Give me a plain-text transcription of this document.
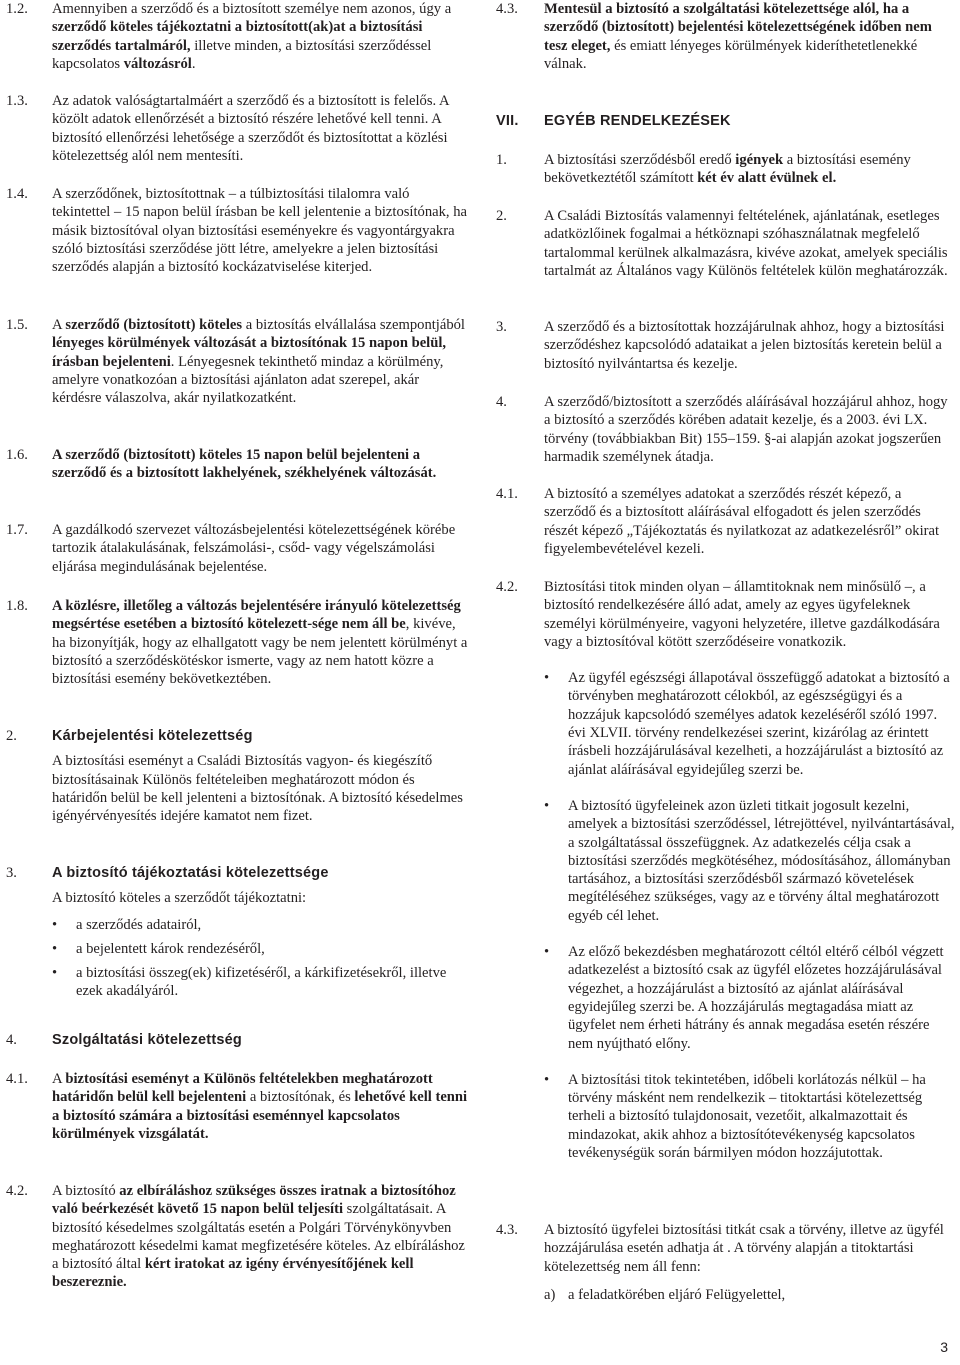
1.2. Amennyiben a szerződő és a biztosított személye nem azonos, úgy a szerződő köteles tájékoztatni a biztosított(ak)at a biztosítási szerződés tartalmáról, illetve minden, a biztosítási szerződéssel kapcsolatos változásról.

1.3. Az adatok valóságtartalmáért a szerződő és a biztosított is felelős. A közölt adatok ellenőrzését a biztosító részére lehetővé kell tenni. A biztosító ellenőrzési lehetősége a szerződőt és biztosítottat a közlési kötelezettség alól nem mentesíti.

1.4. A szerződőnek, biztosítottnak – a túlbiztosítási tilalomra való tekintettel – 15 napon belül írásban be kell jelentenie a biztosítónak, ha másik biztosítóval olyan biztosítási eseményekre és vagyontárgyakra szóló biztosítási szerződése jött létre, amelyekre a jelen biztosítási szerződés alapján a biztosító kockázatviselése kiterjed.

1.5. A szerződő (biztosított) köteles a biztosítás elvállalása szempontjából lényeges körülmények változását a biztosítónak 15 napon belül, írásban bejelenteni. Lényegesnek tekinthető mindaz a körülmény, amelyre vonatkozóan a biztosítási ajánlaton adat szerepel, akár kérdésre válaszolva, akár nyilatkozatként.

1.6. A szerződő (biztosított) köteles 15 napon belül bejelenteni a szerződő és a biztosított lakhelyének, székhelyének változását.

1.7. A gazdálkodó szervezet változásbejelentési kötelezettségének körébe tartozik átalakulásának, felszámolási-, csőd- vagy végelszámolási eljárása megindulásának bejelentése.

1.8. A közlésre, illetőleg a változás bejelentésére irányuló kötelezettség megsértése esetében a biztosító kötelezett-sége nem áll be, kivéve, ha bizonyítják, hogy az elhallgatott vagy be nem jelentett körülményt a biztosító a szerződéskötéskor ismerte, vagy az nem hatott közre a biztosítási esemény bekövetkeztében.

2. Kárbejelentési kötelezettség

A biztosítási eseményt a Családi Biztosítás vagyon- és kiegészítő biztosításainak Különös feltételeiben meghatározott módon és határidőn belül be kell jelenteni a biztosítónak. A biztosító késedelmes igényérvényesítés idejére kamatot nem fizet.

3. A biztosító tájékoztatási kötelezettsége

A biztosító köteles a szerződőt tájékoztatni:

• a szerződés adatairól,
• a bejelentett károk rendezéséről,
• a biztosítási összeg(ek) kifizetéséről, a kárkifizetésekről, illetve ezek akadályáról.
4. Szolgáltatási kötelezettség

4.1. A biztosítási eseményt a Különös feltételekben meghatározott határidőn belül kell bejelenteni a biztosítónak, és lehetővé kell tenni a biztosító számára a biztosítási eseménnyel kapcsolatos körülmények vizsgálatát.

4.2. A biztosító az elbíráláshoz szükséges összes iratnak a biztosítóhoz való beérkezését követő 15 napon belül teljesíti szolgáltatásait. A biztosító késedelmes szolgáltatás esetén a Polgári Törvénykönyvben meghatározott késedelmi kamat megfizetésére köteles. Az elbíráláshoz a biztosító által kért iratokat az igény érvényesítőjének kell beszereznie.

4.3. Mentesül a biztosító a szolgáltatási kötelezettsége alól, ha a szerződő (biztosított) bejelentési kötelezettségének időben nem tesz eleget, és emiatt lényeges körülmények kideríthetetlenekké válnak.

VII. EGYÉB RENDELKEZÉSEK

1.	A biztosítási szerződésből eredő igények a biztosítási esemény bekövetkeztétől számított két év alatt évülnek el.

2.	A Családi Biztosítás valamennyi feltételének, ajánlatának, esetleges adatközlőinek fogalmai a hétköznapi szóhasználatnak megfelelő tartalommal kerülnek alkalmazásra, kivéve azokat, amelyek speciális tartalmát az Általános vagy Különös feltételek külön meghatározzák.

3.	A szerződő és a biztosítottak hozzájárulnak ahhoz, hogy a biztosítási szerződéshez kapcsolódó adataikat a jelen biztosítás keretein belül a biztosító nyilvántartsa és kezelje.

4.	A szerződő/biztosított a szerződés aláírásával hozzájárul ahhoz, hogy a biztosító a szerződés körében adatait kezelje, és a 2003. évi LX. törvény (továbbiakban Bit) 155–159. §-ai alapján azokat jogszerűen harmadik személynek átadja.

4.1. A biztosító a személyes adatokat a szerződés részét képező, a szerződő és a biztosított aláírásával elfogadott és jelen szerződés részét képező „Tájékoztatás és nyilatkozat az adatkezelésről” okirat figyelembevételével kezeli.

4.2. Biztosítási titok minden olyan – államtitoknak nem minősülő –, a biztosító rendelkezésére álló adat, amely az egyes ügyfeleknek személyi körülményeire, vagyoni helyzetére, illetve gazdálkodására vagy a biztosítóval kötött szerződéseire vonatkozik.

• Az ügyfél egészségi állapotával összefüggő adatokat a biztosító a törvényben meghatározott célokból, az egészségügyi és a hozzájuk kapcsolódó személyes adatok kezeléséről szóló 1997. évi XLVII. törvény rendelkezései szerint, kizárólag az érintett írásbeli hozzájárulásával kezelheti, a hozzájárulást a biztosító az ajánlat aláírásával egyidejűleg szerzi be.
• A biztosító ügyfeleinek azon üzleti titkait jogosult kezelni, amelyek a biztosítási szerződéssel, létrejöttével, nyilvántartásával, a szolgáltatással összefüggnek. Az adatkezelés célja csak a biztosítási szerződés megkötéséhez, módosításához, állományban tartásához, a biztosítási szerződésből származó követelések megítéléséhez szükséges, vagy az e törvény által meghatározott egyéb cél lehet.
• Az előző bekezdésben meghatározott céltól eltérő célból végzett adatkezelést a biztosító csak az ügyfél előzetes hozzájárulásával végezhet, a hozzájárulást a biztosító az ajánlat aláírásával egyidejűleg szerzi be. A hozzájárulás megtagadása miatt az ügyfelet nem érheti hátrány és annak megadása esetén részére nem nyújtható előny.
• A biztosítási titok tekintetében, időbeli korlátozás nélkül – ha törvény másként nem rendelkezik – titoktartási kötelezettség terheli a biztosító tulajdonosait, vezetőit, alkalmazottait és mindazokat, akik ahhoz a biztosítótevékenység kapcsolatos tevékenységük során bármilyen módon hozzájutottak.
4.3. A biztosító ügyfelei biztosítási titkát csak a törvény, illetve az ügyfél hozzájárulása esetén adhatja át . A törvény alapján a titoktartási kötelezettség nem áll fenn:

a) a feladatkörében eljáró Felügyelettel,

3
